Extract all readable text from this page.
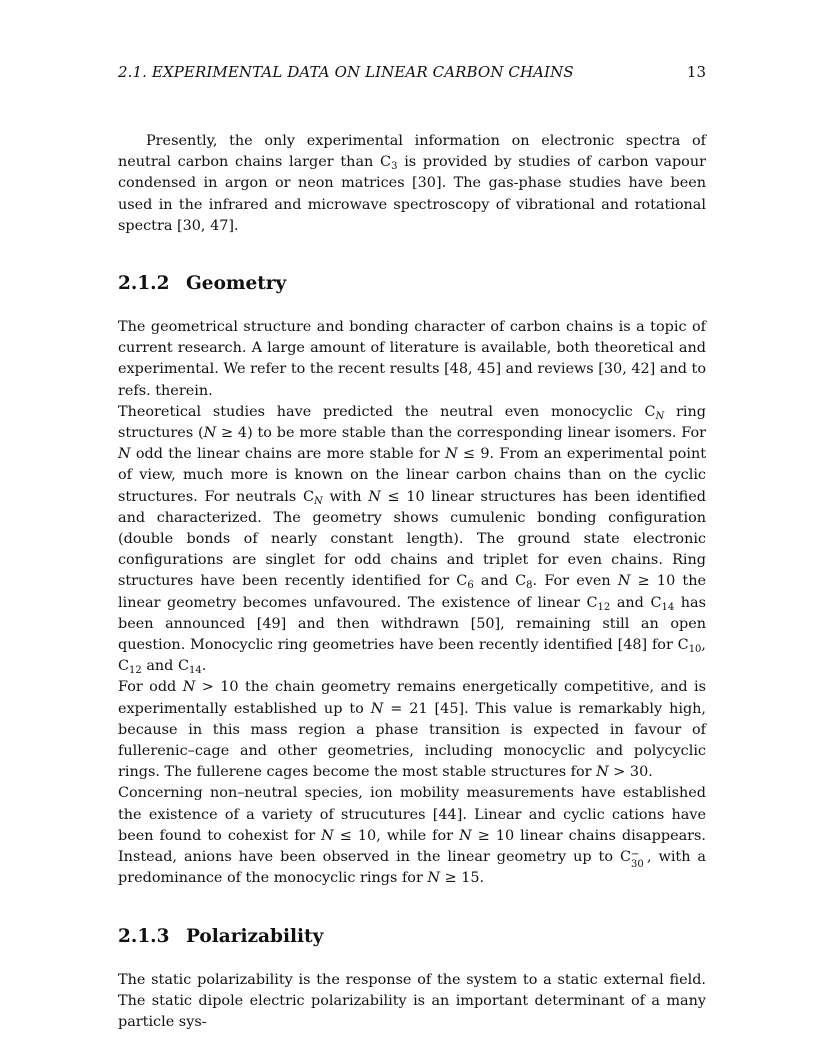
2.1. EXPERIMENTAL DATA ON LINEAR CARBON CHAINS	13

Presently, the only experimental information on electronic spectra of neutral carbon chains larger than $C_3$ is provided by studies of carbon vapour condensed in argon or neon matrices [30]. The gas-phase studies have been used in the infrared and microwave spectroscopy of vibrational and rotational spectra [30, 47].

2.1.2 Geometry

The geometrical structure and bonding character of carbon chains is a topic of current research. A large amount of literature is available, both theoretical and experimental. We refer to the recent results [48, 45] and reviews [30, 42] and to refs. therein.

Theoretical studies have predicted the neutral even monocyclic $C_N$ ring structures (N ≥ 4) to be more stable than the corresponding linear isomers. For N odd the linear chains are more stable for N ≤ 9. From an experimental point of view, much more is known on the linear carbon chains than on the cyclic structures. For neutrals $C_N$ with N ≤ 10 linear structures has been identified and characterized. The geometry shows cumulenic bonding configuration (double bonds of nearly constant length). The ground state electronic configurations are singlet for odd chains and triplet for even chains. Ring structures have been recently identified for $C_6$ and $C_8$. For even N ≥ 10 the linear geometry becomes unfavoured. The existence of linear $C_{12}$ and $C_{14}$ has been announced [49] and then withdrawn [50], remaining still an open question. Monocyclic ring geometries have been recently identified [48] for $C_{10}$, $C_{12}$ and $C_{14}$.

For odd N > 10 the chain geometry remains energetically competitive, and is experimentally established up to N = 21 [45]. This value is remarkably high, because in this mass region a phase transition is expected in favour of fullerenic–cage and other geometries, including monocyclic and polycyclic rings. The fullerene cages become the most stable structures for N > 30.

Concerning non–neutral species, ion mobility measurements have established the existence of a variety of strucutures [44]. Linear and cyclic cations have been found to cohexist for N ≤ 10, while for N ≥ 10 linear chains disappears. Instead, anions have been observed in the linear geometry up to C −
30 , with a predominance of the monocyclic rings for N ≥ 15.

2.1.3 Polarizability

The static polarizability is the response of the system to a static external field. The static dipole electric polarizability is an important determinant of a many particle sys-
